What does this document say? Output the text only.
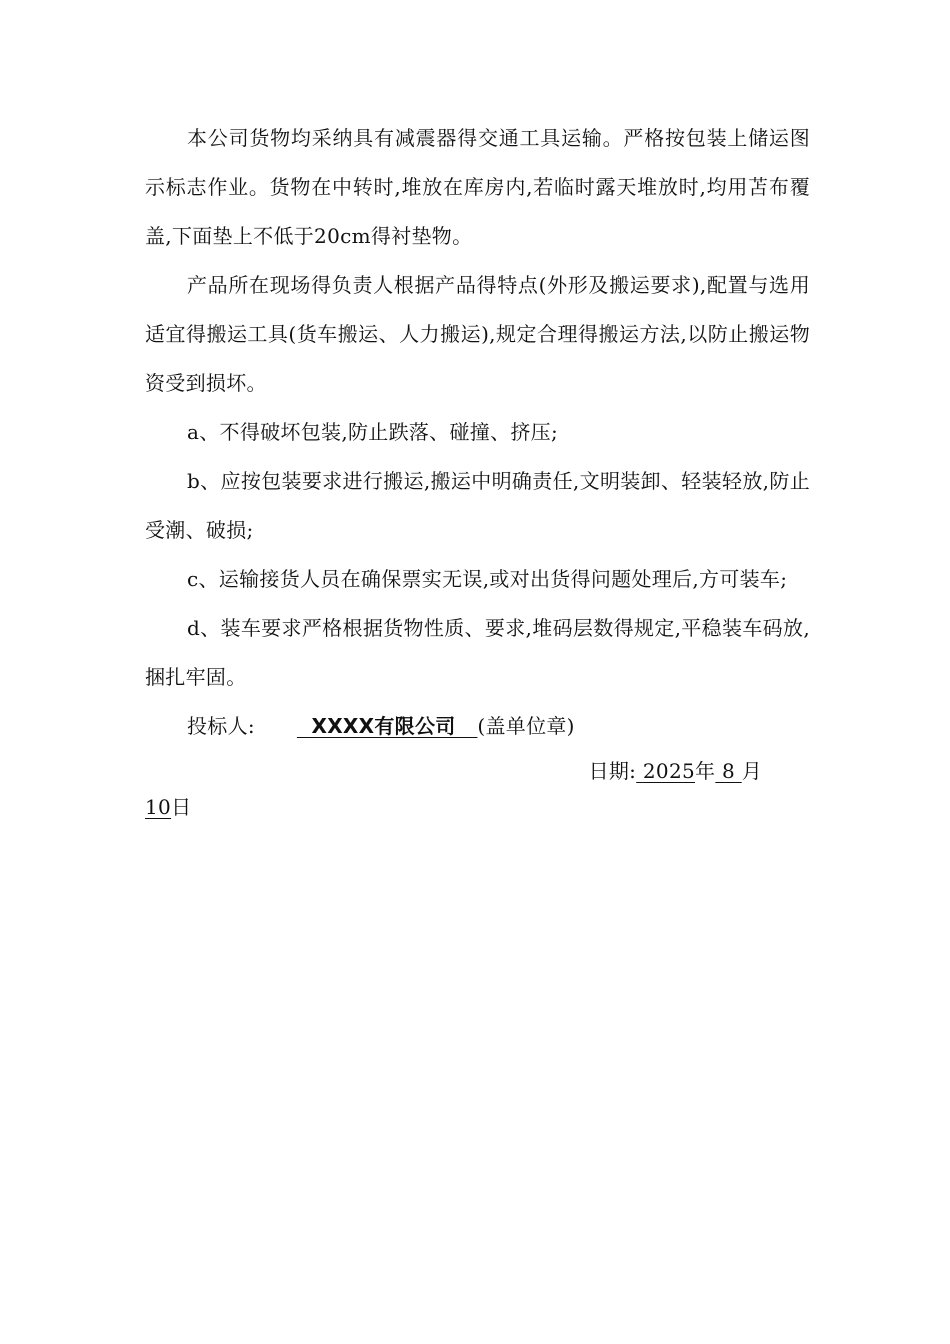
本公司货物均采纳具有减震器得交通工具运输。严格按包装上储运图示标志作业。货物在中转时,堆放在库房内,若临时露天堆放时,均用苫布覆盖,下面垫上不低于20cm得衬垫物。

产品所在现场得负责人根据产品得特点(外形及搬运要求),配置与选用适宜得搬运工具(货车搬运、人力搬运),规定合理得搬运方法,以防止搬运物资受到损坏。

a、不得破坏包装,防止跌落、碰撞、挤压;

b、应按包装要求进行搬运,搬运中明确责任,文明装卸、轻装轻放,防止受潮、破损;

c、运输接货人员在确保票实无误,或对出货得问题处理后,方可装车;

d、装车要求严格根据货物性质、要求,堆码层数得规定,平稳装车码放,捆扎牢固。

投标人:	XXXX有限公司 (盖单位章)

日期: 2025年 8 月

10日
